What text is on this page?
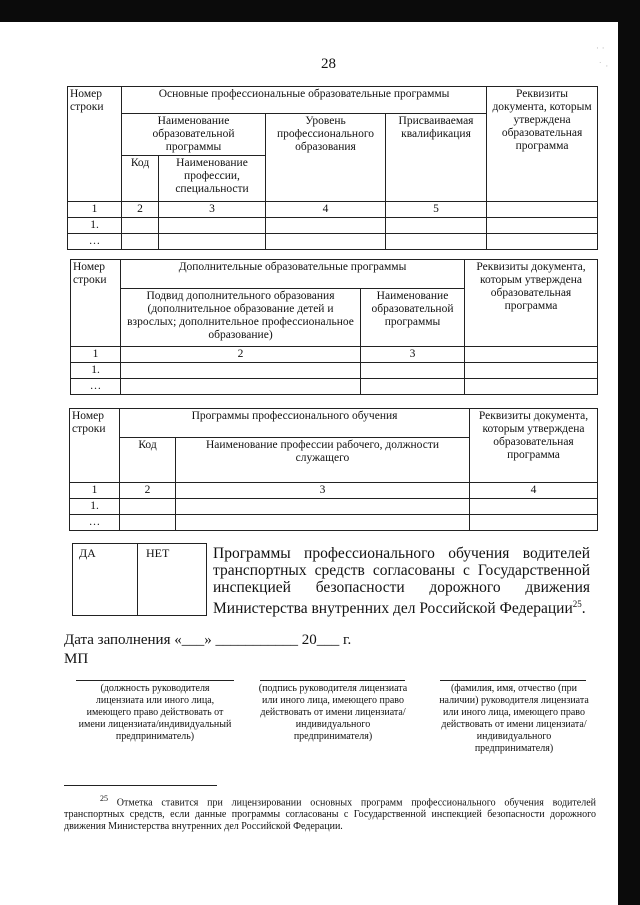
· ·
˙ ·
28
Номер строки	Основные профессиональные образовательные программы				Реквизиты документа, которым утверждена образовательная программа
	Наименование образовательной программы		Уровень профессионального образования	Присваиваемая квалификация	
	Код	Наименование профессии, специальности			
1	2	3	4	5	
1.					
…					
Номер строки	Дополнительные образовательные программы		Реквизиты документа, которым утверждена образовательная программа
	Подвид дополнительного образования (дополнительное образование детей и взрослых; дополнительное профессиональное образование)	Наименование образовательной программы	
1	2	3	
1.			
…			
Номер строки	Программы профессионального обучения		Реквизиты документа, которым утверждена образовательная программа
	Код	Наименование профессии рабочего, должности служащего	
1	2	3	4
1.			
…			
ДА	НЕТ	Программы профессионального обучения водителей транспортных средств согласованы с Государственной инспекцией безопасности дорожного движения Министерства внутренних дел Российской Федерации$^{25}$.
Дата заполнения «___» ___________ 20___ г.
МП
(должность руководителя лицензиата или иного лица, имеющего право действовать от имени лицензиата/индивидуальный предприниматель)
(подпись руководителя лицензиата или иного лица, имеющего право действовать от имени лицензиата/индивидуального предпринимателя)
(фамилия, имя, отчество (при наличии) руководителя лицензиата или иного лица, имеющего право действовать от имени лицензиата/индивидуального предпринимателя)
$^{25}$ Отметка ставится при лицензировании основных программ профессионального обучения водителей транспортных средств, если данные программы согласованы с Государственной инспекцией безопасности дорожного движения Министерства внутренних дел Российской Федерации.
